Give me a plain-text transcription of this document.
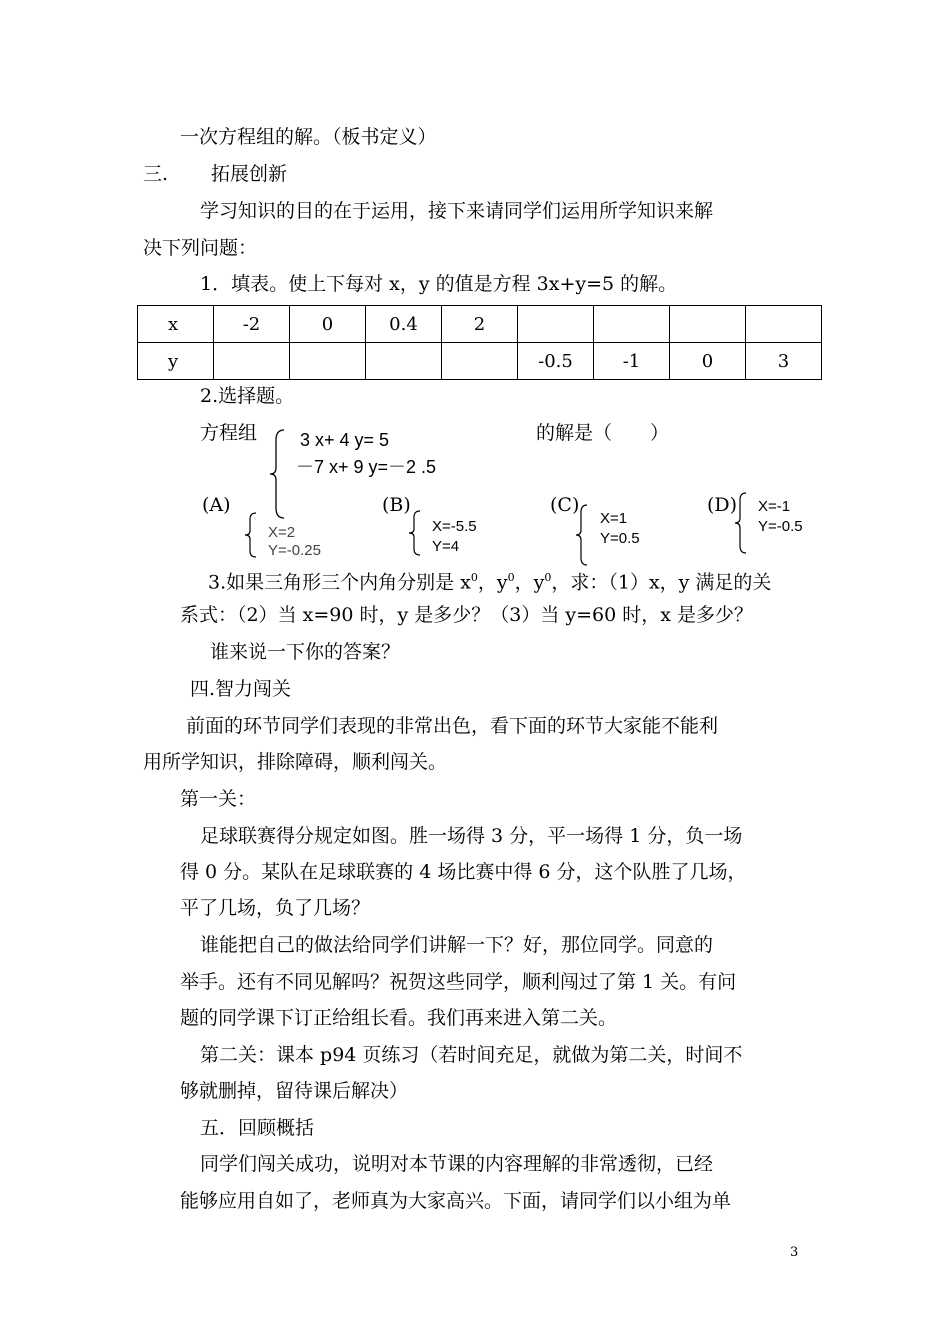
一次方程组的解。（板书定义）
三. 拓展创新
学习知识的目的在于运用，接下来请同学们运用所学知识来解
决下列问题：
1．填表。使上下每对 x，y 的值是方程 3x+y=5 的解。
x	-2	0	0.4	2				
y					-0.5	-1	0	3
2.选择题。
方程组 3 x+ 4 y= 5
－7 x+ 9 y=－2 .5
的解是（　　）
(A)
X=2
Y=-0.25
(B)
X=-5.5
Y=4
(C)
X=1
Y=0.5
(D) X=-1
Y=-0.5
3.如果三角形三个内角分别是 $x^0$，$y^0$，$y^0$，求：（1）x，y 满足的关
系式：（2）当 x=90 时，y 是多少？（3）当 y=60 时，x 是多少？
谁来说一下你的答案？
四.智力闯关
前面的环节同学们表现的非常出色，看下面的环节大家能不能利
用所学知识，排除障碍，顺利闯关。
第一关：
足球联赛得分规定如图。胜一场得 3 分，平一场得 1 分，负一场
得 0 分。某队在足球联赛的 4 场比赛中得 6 分，这个队胜了几场，
平了几场，负了几场？
谁能把自己的做法给同学们讲解一下？好，那位同学。同意的
举手。还有不同见解吗？祝贺这些同学，顺利闯过了第 1 关。有问
题的同学课下订正给组长看。我们再来进入第二关。
第二关：课本 p94 页练习（若时间充足，就做为第二关，时间不
够就删掉，留待课后解决）
五．回顾概括
同学们闯关成功，说明对本节课的内容理解的非常透彻，已经
能够应用自如了，老师真为大家高兴。下面，请同学们以小组为单
3
